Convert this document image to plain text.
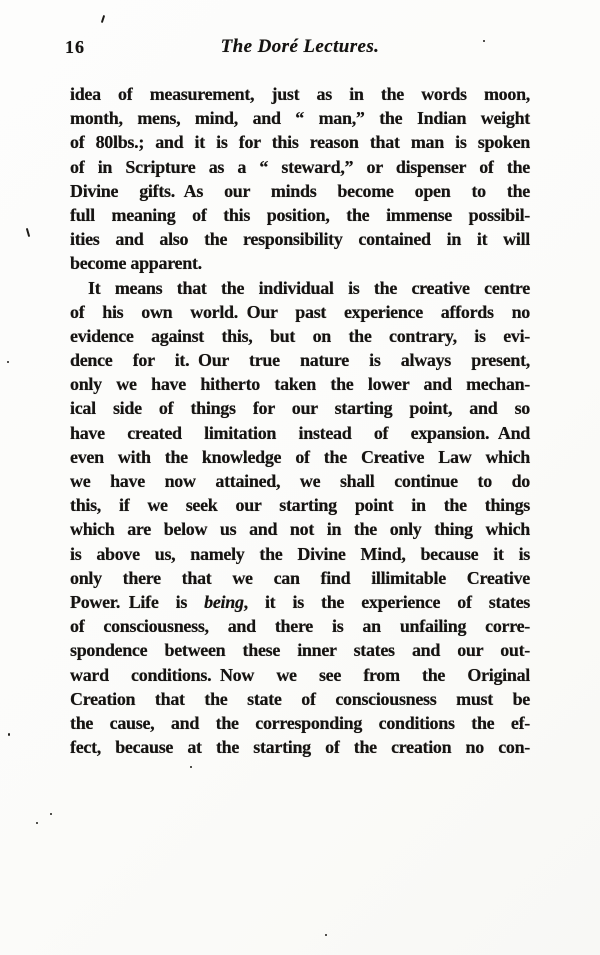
16	The Doré Lectures.
idea of measurement, just as in the words moon,
month, mens, mind, and “ man,” the Indian weight
of 80lbs.; and it is for this reason that man is spoken
of in Scripture as a “ steward,” or dispenser of the
Divine gifts. As our minds become open to the
full meaning of this position, the immense possibil-
ities and also the responsibility contained in it will
become apparent.
It means that the individual is the creative centre
of his own world. Our past experience affords no
evidence against this, but on the contrary, is evi-
dence for it. Our true nature is always present,
only we have hitherto taken the lower and mechan-
ical side of things for our starting point, and so
have created limitation instead of expansion. And
even with the knowledge of the Creative Law which
we have now attained, we shall continue to do
this, if we seek our starting point in the things
which are below us and not in the only thing which
is above us, namely the Divine Mind, because it is
only there that we can find illimitable Creative
Power. Life is being, it is the experience of states
of consciousness, and there is an unfailing corre-
spondence between these inner states and our out-
ward conditions. Now we see from the Original
Creation that the state of consciousness must be
the cause, and the corresponding conditions the ef-
fect, because at the starting of the creation no con-
